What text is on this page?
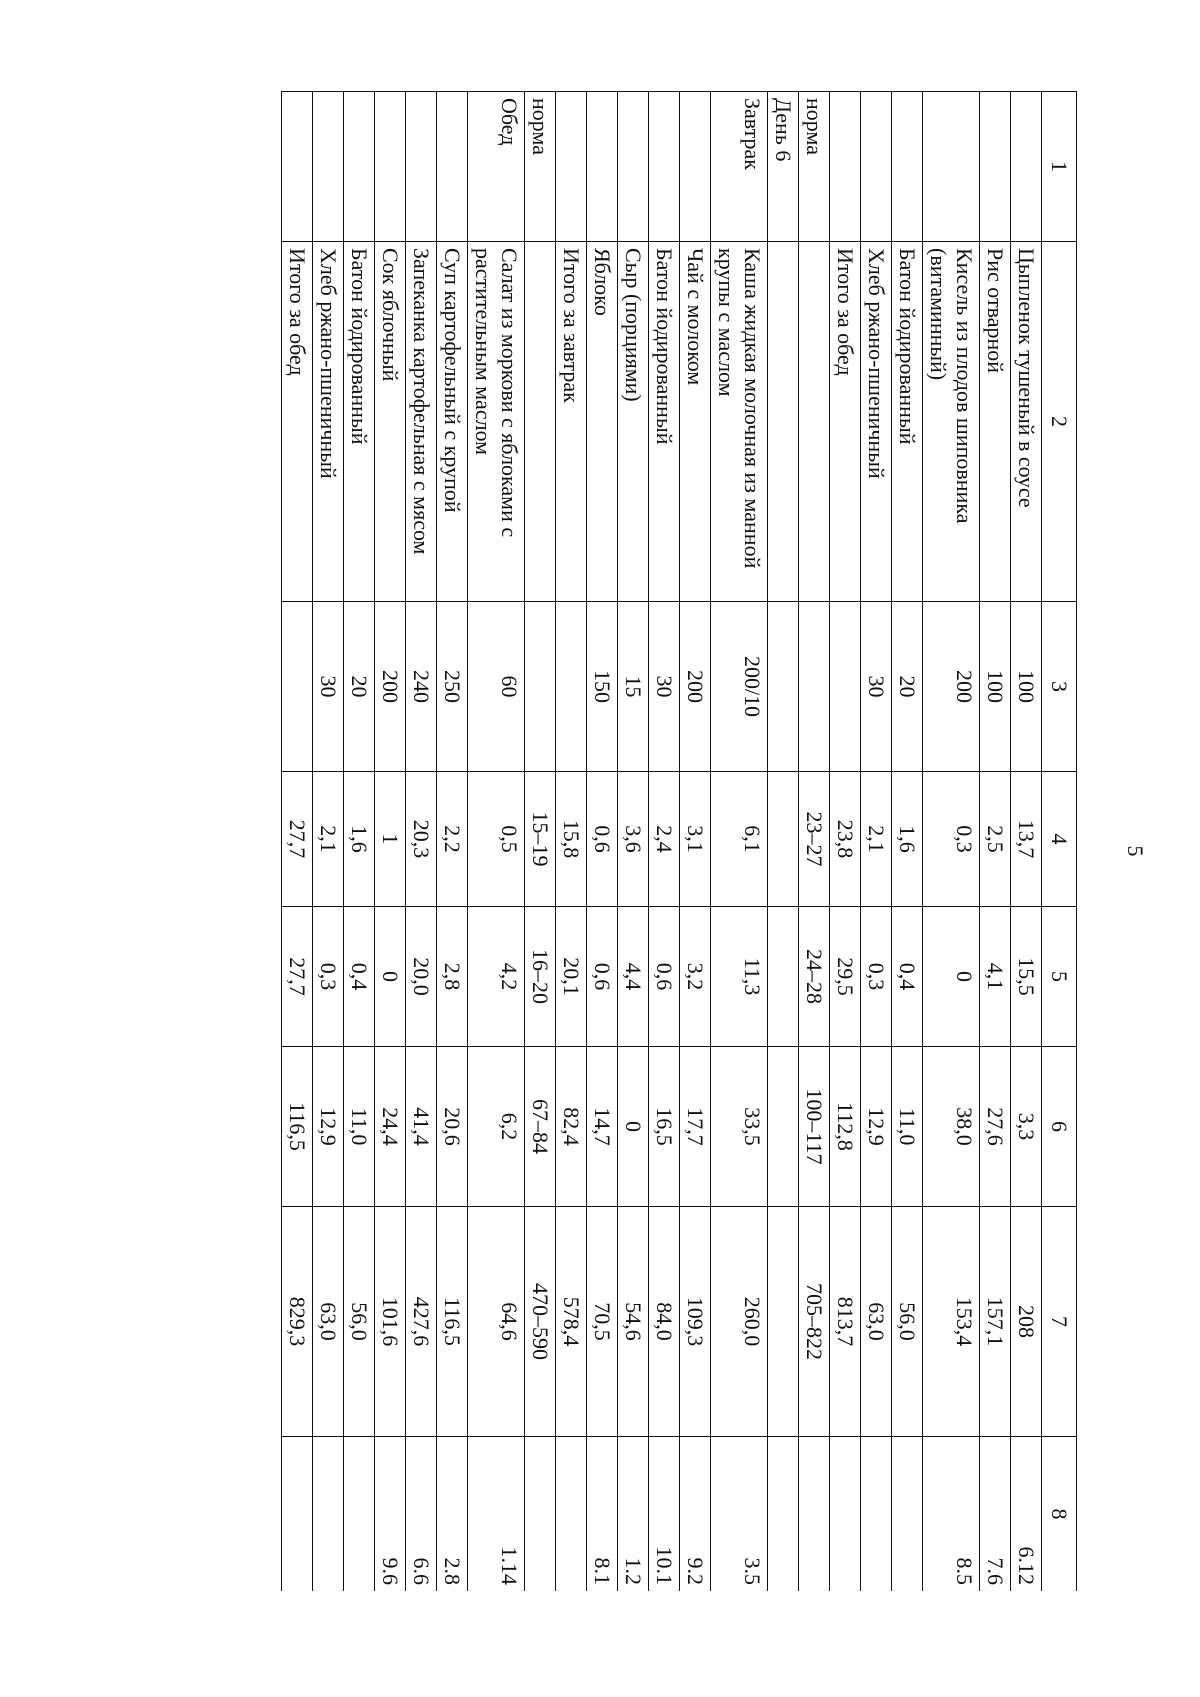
5
1	2	3	4	5	6	7	8
	Цыпленок тушеный в соусе	100	13,7	15,5	3,3	208	6.12
	Рис отварной	100	2,5	4,1	27,6	157,1	7.6
	Кисель из плодов шиповника (витаминный)	200	0,3	0	38,0	153,4	8.5
	Батон йодированный	20	1,6	0,4	11,0	56,0	
	Хлеб ржано-пшеничный	30	2,1	0,3	12,9	63,0	
	Итого за обед		23,8	29,5	112,8	813,7	
норма			23–27	24–28	100–117	705–822	
День 6							
Завтрак	Каша жидкая молочная из манной крупы с маслом	200/10	6,1	11,3	33,5	260,0	3.5
	Чай с молоком	200	3,1	3,2	17,7	109,3	9.2
	Батон йодированный	30	2,4	0,6	16,5	84,0	10.1
	Сыр (порциями)	15	3,6	4,4	0	54,6	1.2
	Яблоко	150	0,6	0,6	14,7	70,5	8.1
	Итого за завтрак		15,8	20,1	82,4	578,4	
норма			15–19	16–20	67–84	470–590	
Обед	Салат из моркови с яблоками с растительным маслом	60	0,5	4,2	6,2	64,6	1.14
	Суп картофельный с крупой	250	2,2	2,8	20,6	116,5	2.8
	Запеканка картофельная с мясом	240	20,3	20,0	41,4	427,6	6.6
	Сок яблочный	200	1	0	24,4	101,6	9.6
	Батон йодированный	20	1,6	0,4	11,0	56,0	
	Хлеб ржано-пшеничный	30	2,1	0,3	12,9	63,0	
	Итого за обед		27,7	27,7	116,5	829,3	
